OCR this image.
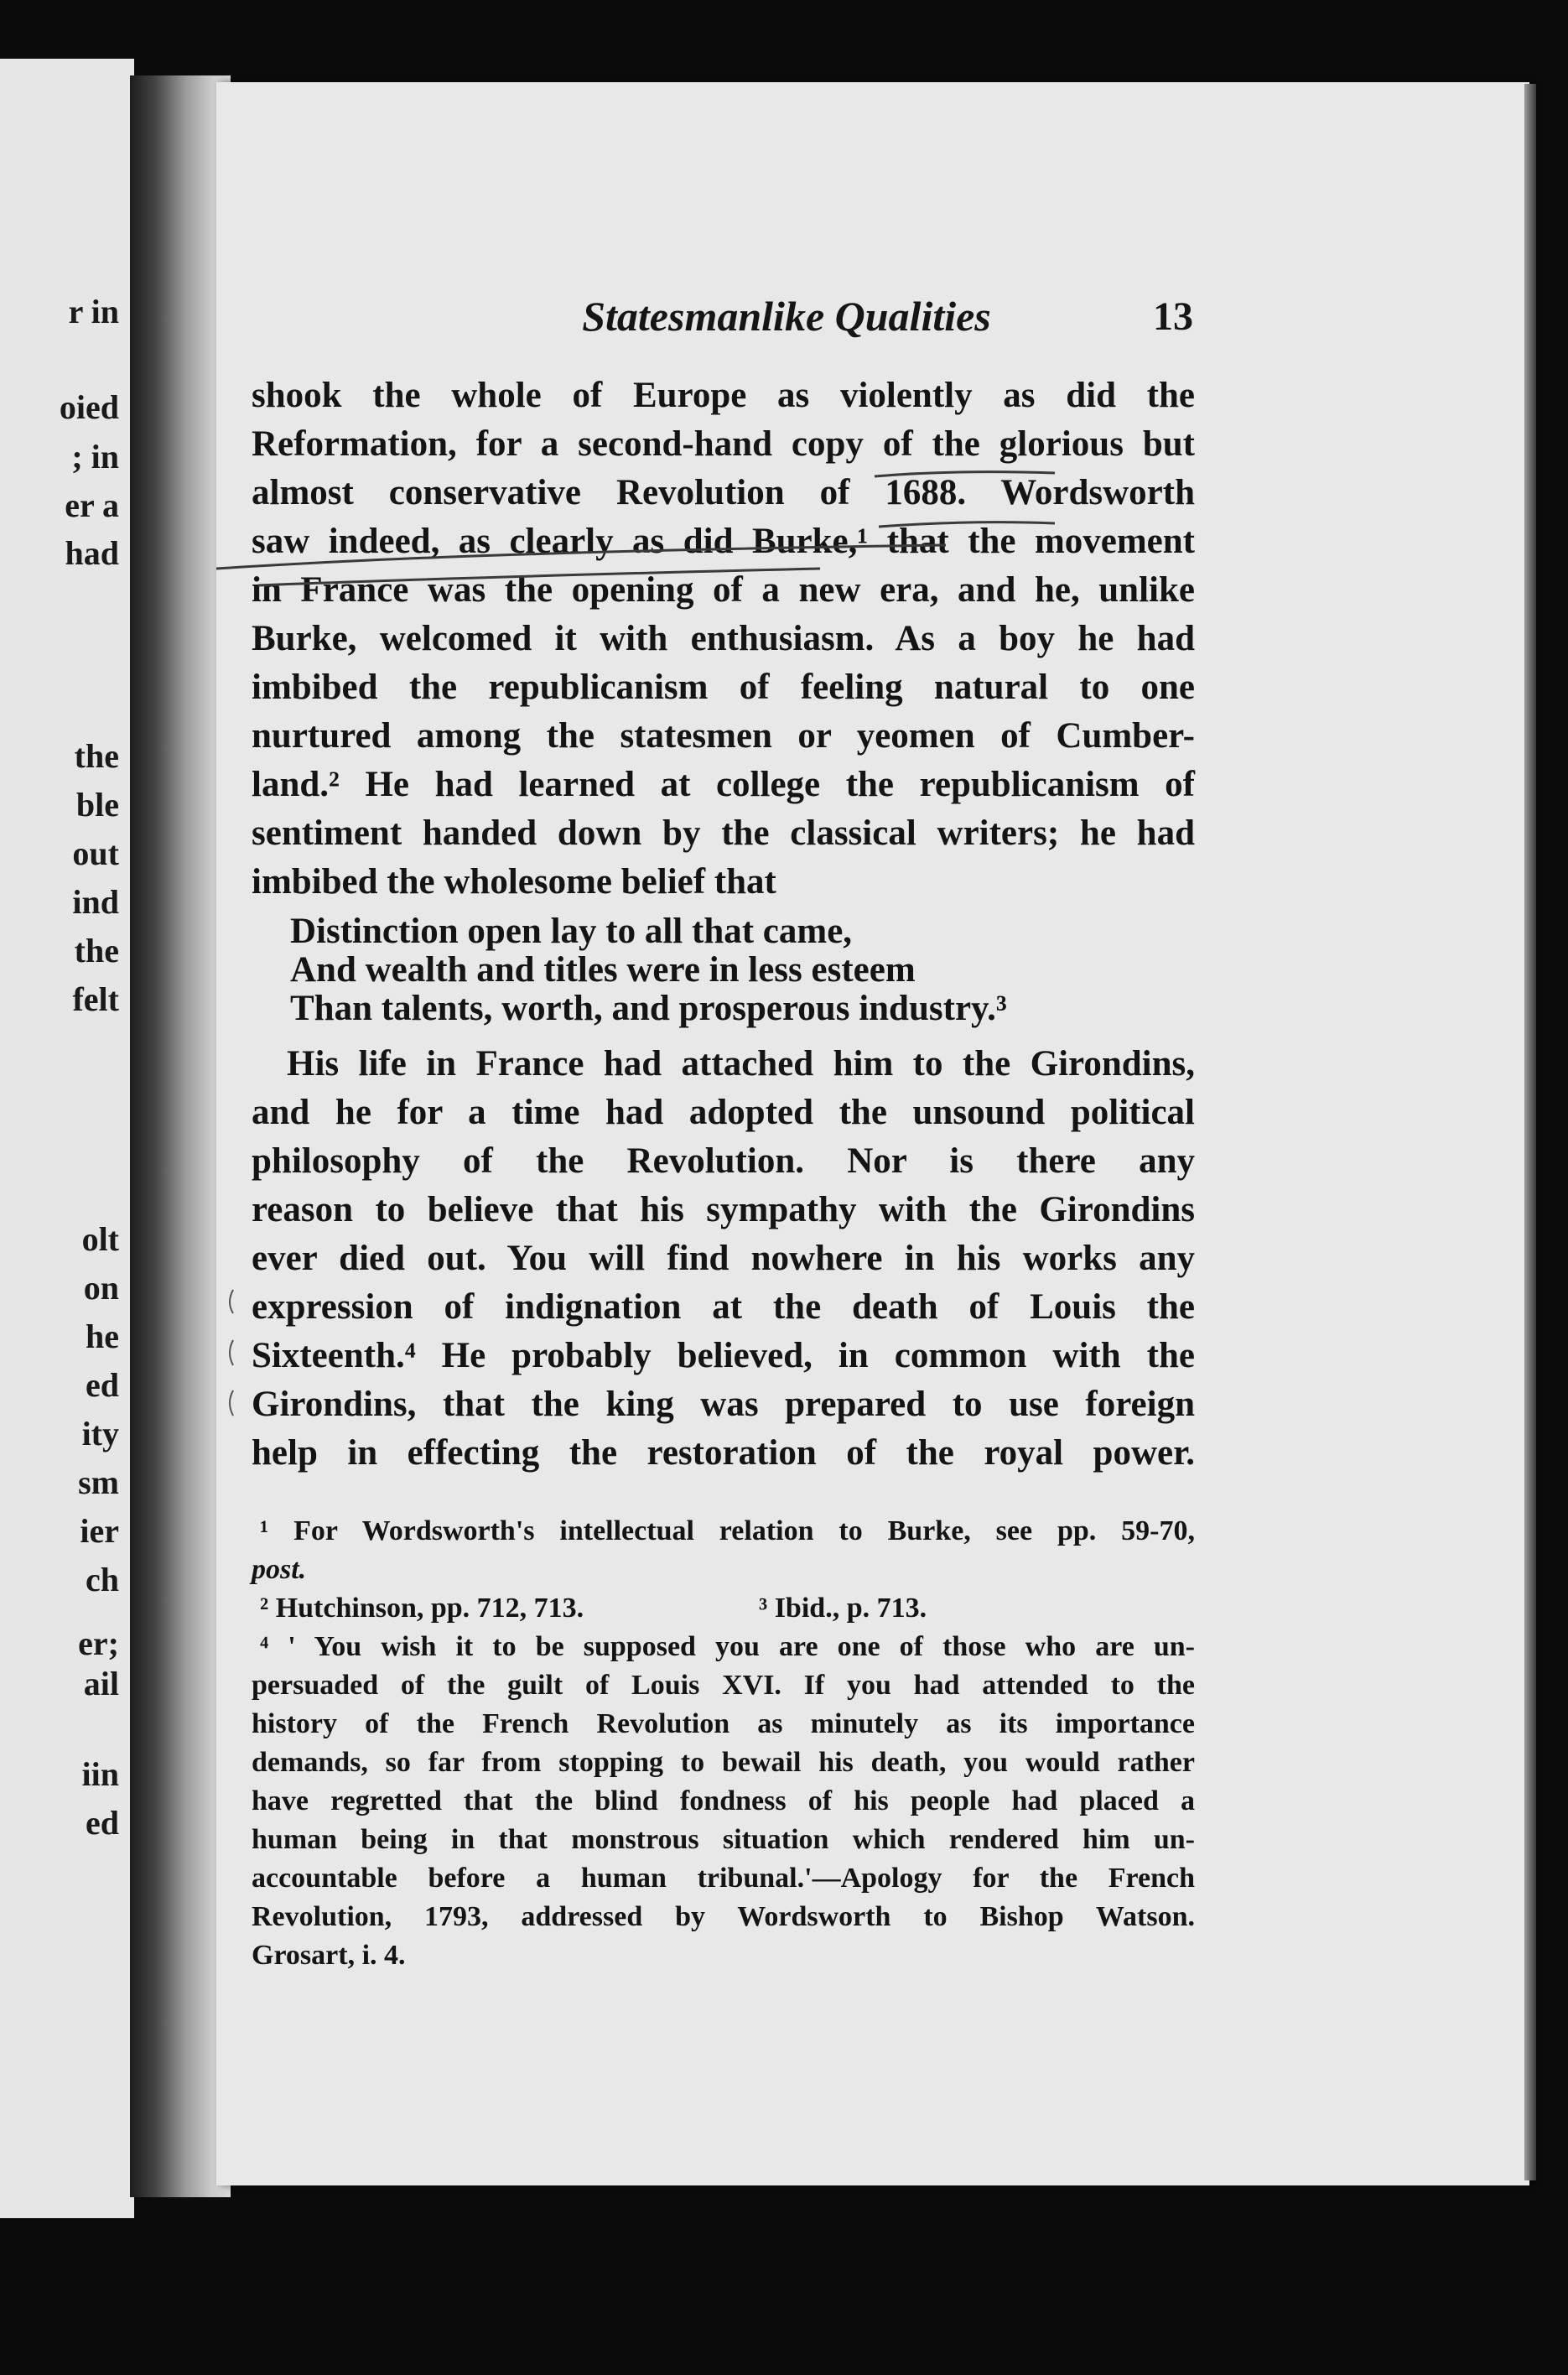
r in
oied
; in
er a
had
the
ble
out
ind
the
felt
olt
on
he
ed
ity
sm
ier
ch
er;
ail
iin
ed
Statesmanlike Qualities	13
shook the whole of Europe as violently as did the
Reformation, for a second-hand copy of the glorious but
almost conservative Revolution of 1688. Wordsworth
saw indeed, as clearly as did Burke,¹ that the movement
in France was the opening of a new era, and he, unlike
Burke, welcomed it with enthusiasm. As a boy he had
imbibed the republicanism of feeling natural to one
nurtured among the statesmen or yeomen of Cumber-
land.² He had learned at college the republicanism of
sentiment handed down by the classical writers; he had
imbibed the wholesome belief that
Distinction open lay to all that came,
And wealth and titles were in less esteem
Than talents, worth, and prosperous industry.³
His life in France had attached him to the Girondins,
and he for a time had adopted the unsound political
philosophy of the Revolution. Nor is there any
reason to believe that his sympathy with the Girondins
ever died out. You will find nowhere in his works any
expression of indignation at the death of Louis the
Sixteenth.⁴ He probably believed, in common with the
Girondins, that the king was prepared to use foreign
help in effecting the restoration of the royal power.
¹ For Wordsworth's intellectual relation to Burke, see pp. 59-70,
post.
² Hutchinson, pp. 712, 713.	³ Ibid., p. 713.
⁴ ' You wish it to be supposed you are one of those who are un-
persuaded of the guilt of Louis XVI. If you had attended to the
history of the French Revolution as minutely as its importance
demands, so far from stopping to bewail his death, you would rather
have regretted that the blind fondness of his people had placed a
human being in that monstrous situation which rendered him un-
accountable before a human tribunal.'—Apology for the French
Revolution, 1793, addressed by Wordsworth to Bishop Watson.
Grosart, i. 4.
